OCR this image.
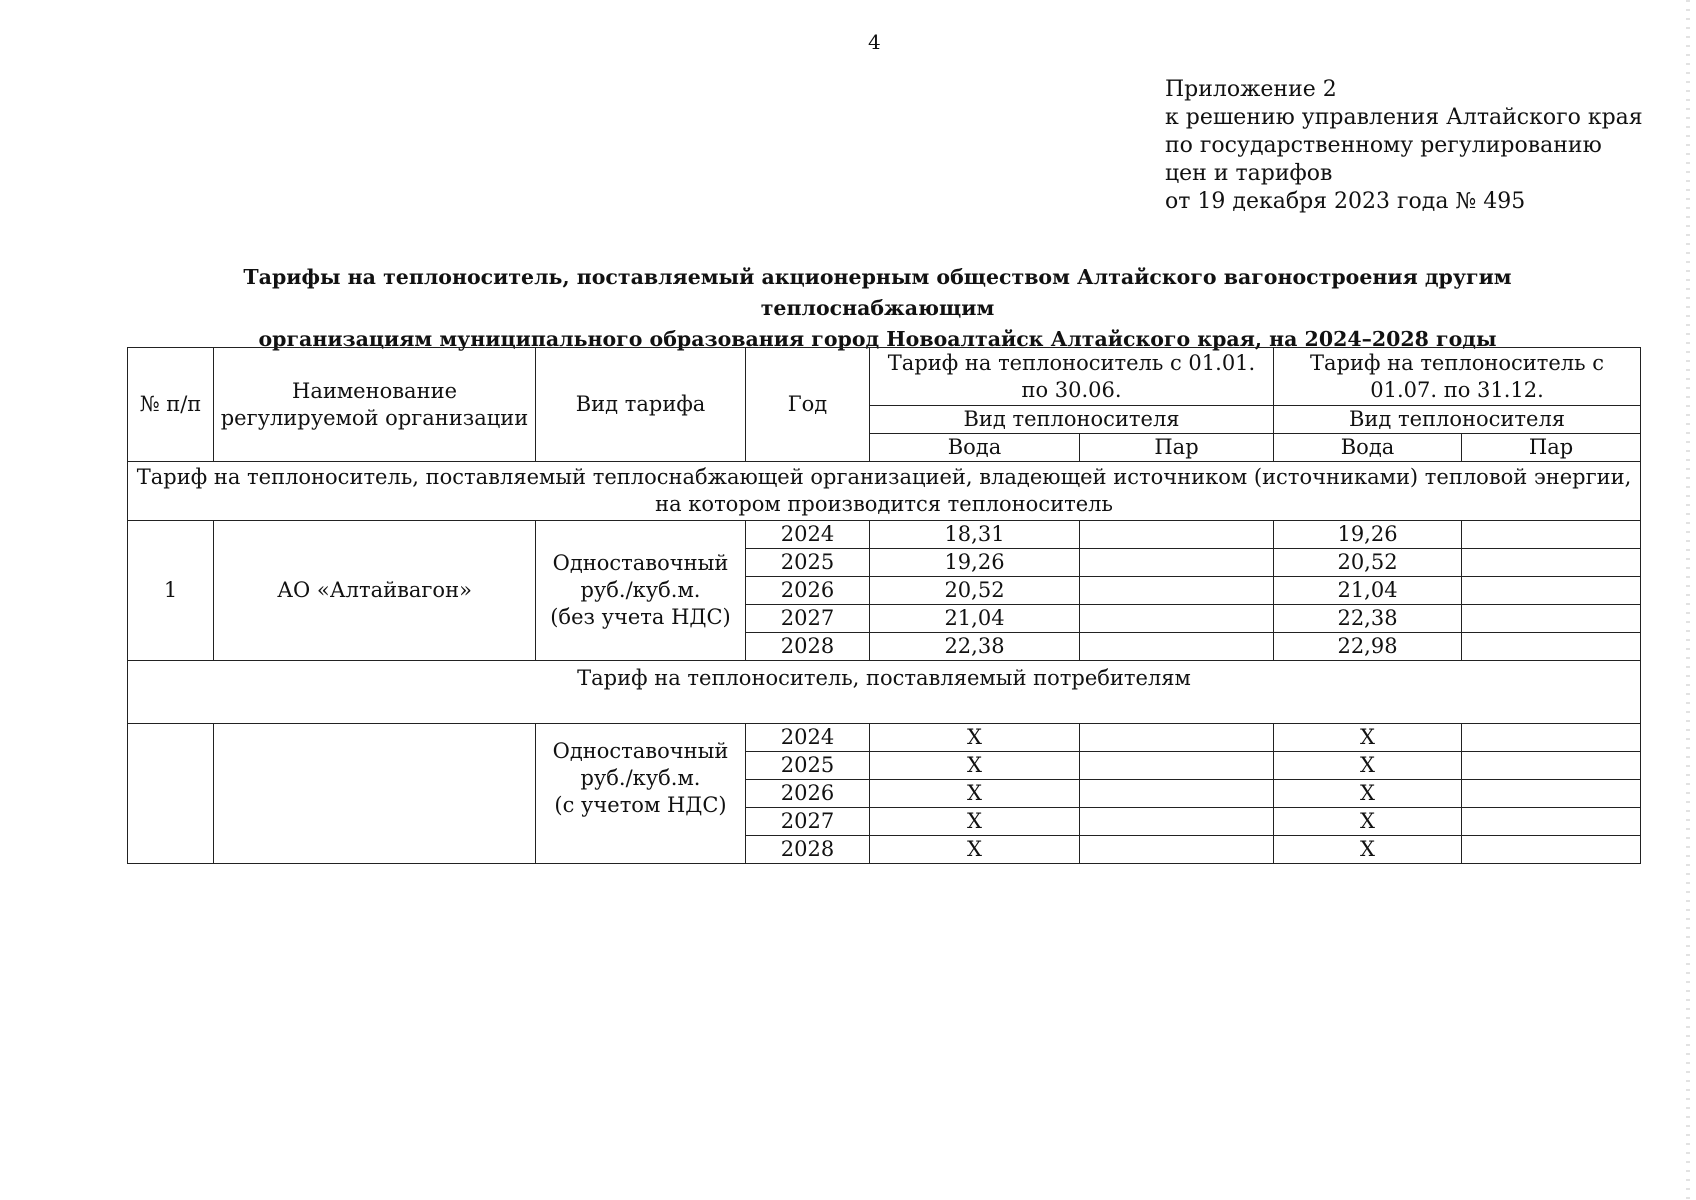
4
Приложение 2
к решению управления Алтайского края
по государственному регулированию
цен и тарифов
от 19 декабря 2023 года № 495
Тарифы на теплоноситель, поставляемый акционерным обществом Алтайского вагоностроения другим теплоснабжающим
организациям муниципального образования город Новоалтайск Алтайского края, на 2024–2028 годы
№ п/п	Наименование регулируемой организации	Вид тарифа	Год	Тариф на теплоноситель с 01.01. по 30.06.		Тариф на теплоноситель с 01.07. по 31.12.	
				Вид теплоносителя		Вид теплоносителя	
				Вода	Пар	Вода	Пар

Тариф на теплоноситель, поставляемый теплоснабжающей организацией, владеющей источником (источниками) тепловой энергии,
на котором производится теплоноситель							

1	АО «Алтайвагон»	Одноставочный
руб./куб.м.
(без учета НДС)	2024	18,31		19,26	
			2025	19,26		20,52	
			2026	20,52		21,04	
			2027	21,04		22,38	
			2028	22,38		22,98	
Тариф на теплоноситель, поставляемый потребителям							

		Одноставочный
руб./куб.м.
(с учетом НДС)	2024	X		X	
			2025	X		X	
			2026	X		X	
			2027	X		X	
			2028	X		X	
